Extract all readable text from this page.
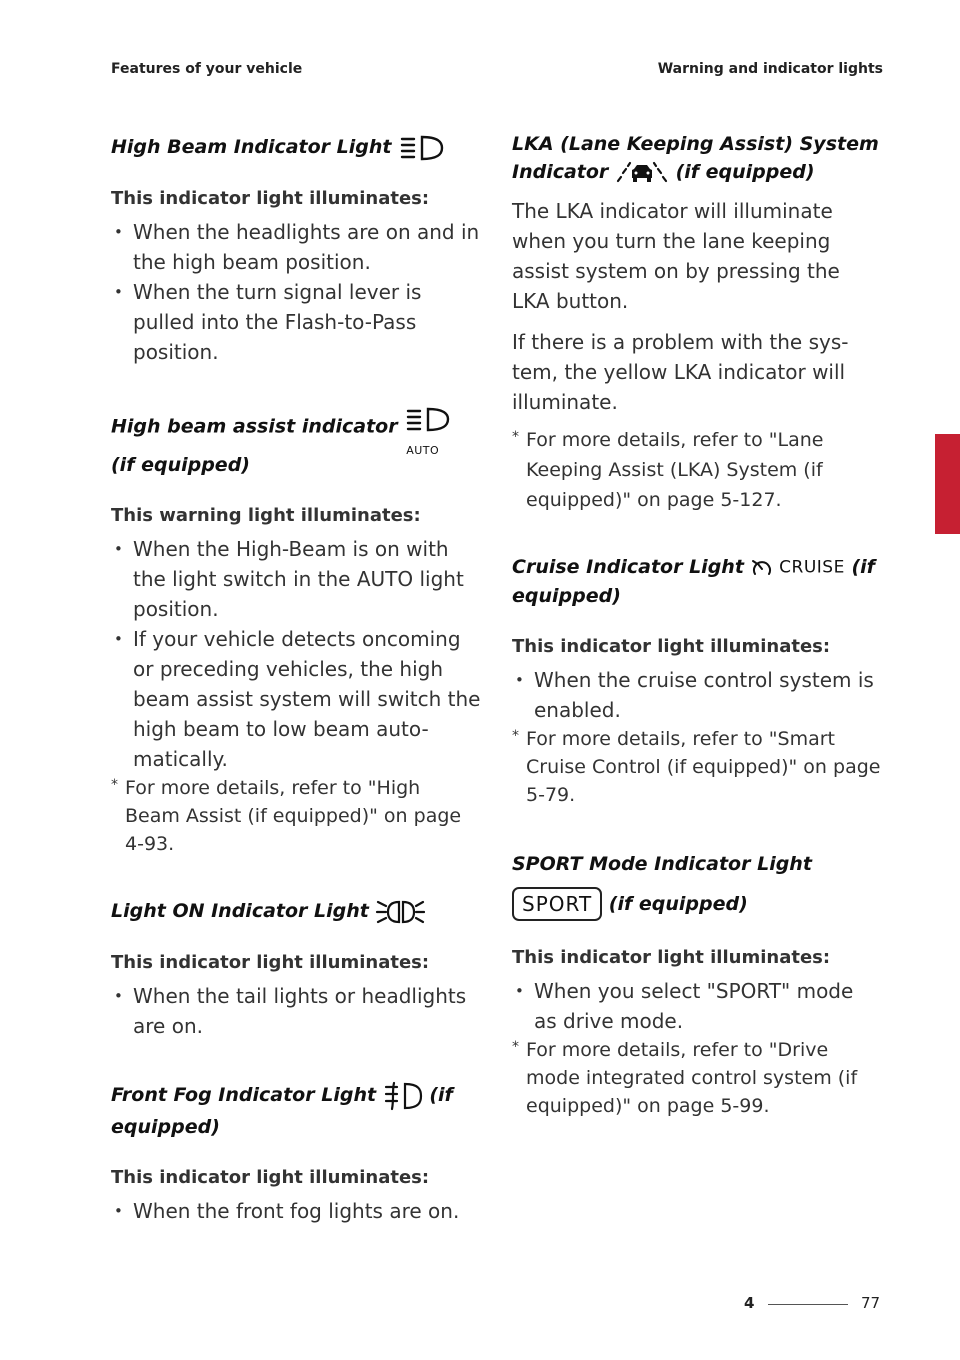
Features of your vehicle	Warning and indicator lights

High Beam Indicator Light

This indicator light illuminates:

• When the headlights are on and in the high beam position.

• When the turn signal lever is pulled into the Flash-to-Pass position.

High beam assist indicator
AUTO
(if equipped)

This warning light illuminates:

• When the High-Beam is on with the light switch in the AUTO light position.

• If your vehicle detects oncoming or preceding vehicles, the high beam assist system will switch the high beam to low beam auto-matically.

* For more details, refer to "High Beam Assist (if equipped)" on page 4-93.

Light ON Indicator Light

This indicator light illuminates:

• When the tail lights or headlights are on.

Front Fog Indicator Light	(if equipped)

This indicator light illuminates:

• When the front fog lights are on.

LKA (Lane Keeping Assist) System
Indicator	(if equipped)

The LKA indicator will illuminate when you turn the lane keeping assist system on by pressing the LKA button.

If there is a problem with the sys-tem, the yellow LKA indicator will illuminate.

* For more details, refer to "Lane Keeping Assist (LKA) System (if equipped)" on page 5-127.

Cruise Indicator Light CRUISE (if equipped)

This indicator light illuminates:

• When the cruise control system is enabled.

* For more details, refer to "Smart Cruise Control (if equipped)" on page 5-79.

SPORT Mode Indicator Light

SPORT (if equipped)

This indicator light illuminates:

• When you select "SPORT" mode as drive mode.

* For more details, refer to "Drive mode integrated control system (if equipped)" on page 5-99.

4
4	77
